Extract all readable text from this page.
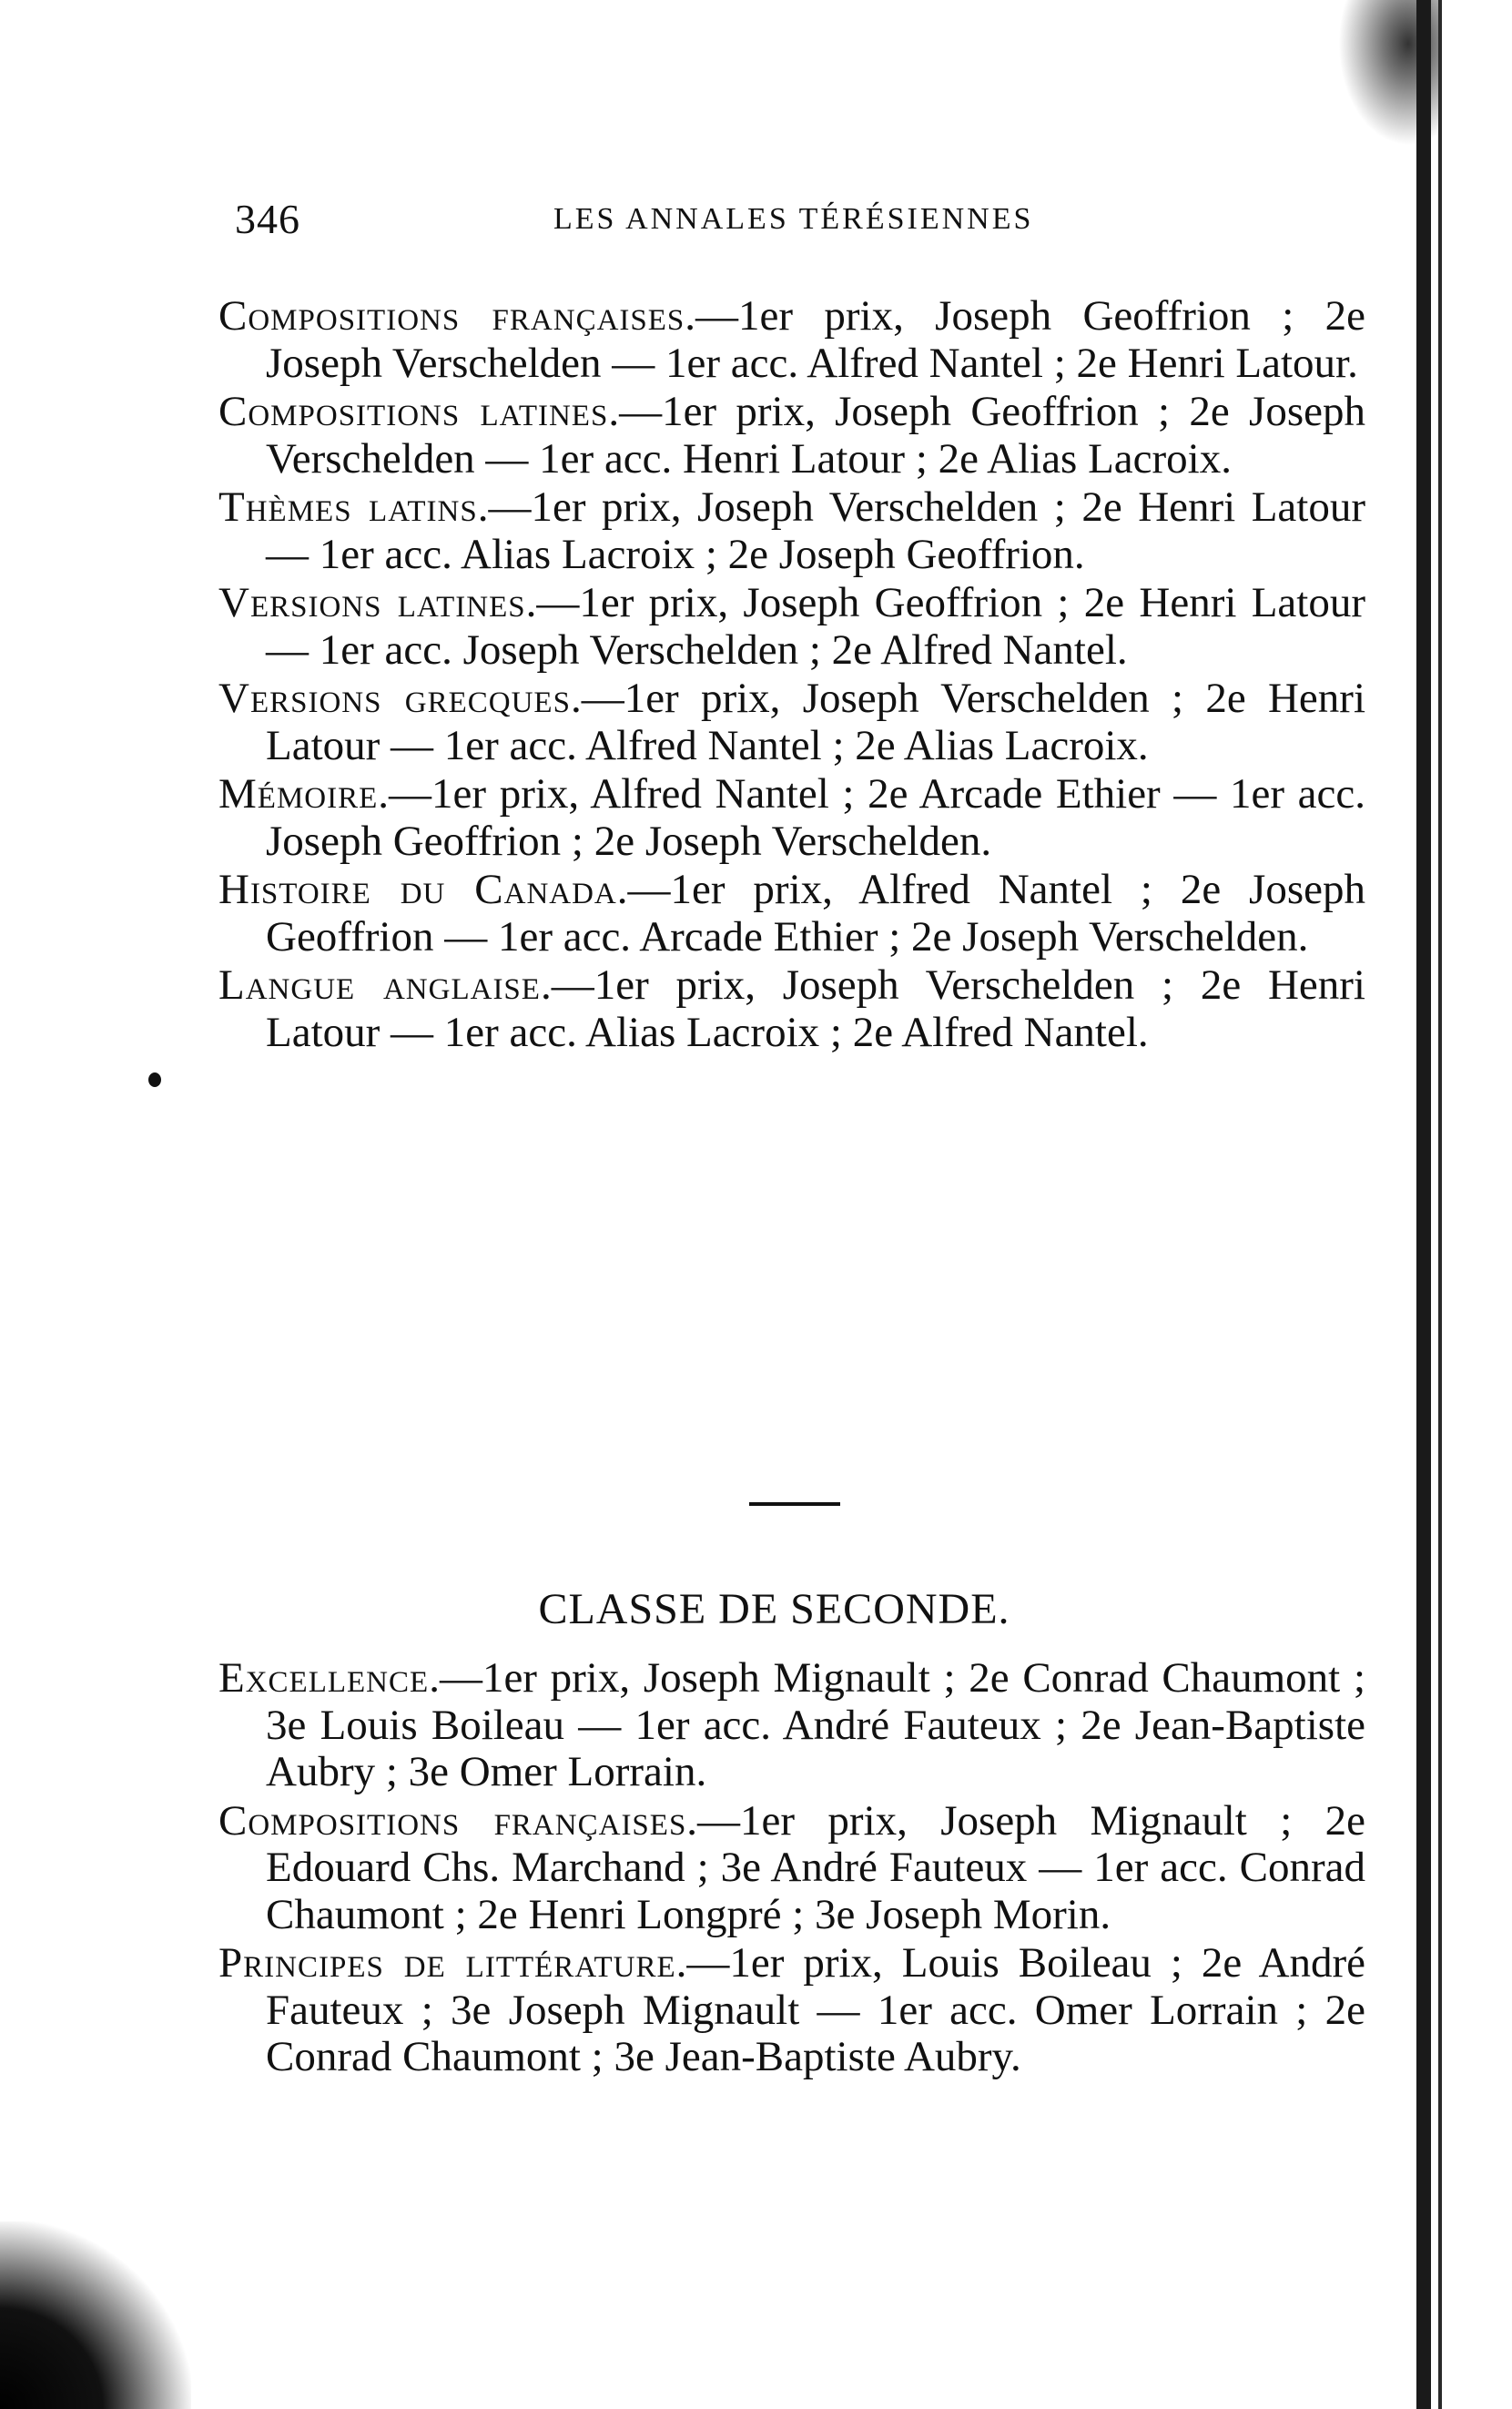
346	LES ANNALES TÉRÉSIENNES

Compositions françaises.—1er prix, Joseph Geoffrion ; 2e Joseph Verschelden — 1er acc. Alfred Nantel ; 2e Henri Latour.

Compositions latines.—1er prix, Joseph Geoffrion ; 2e Joseph Verschelden — 1er acc. Henri Latour ; 2e Alias Lacroix.

Thèmes latins.—1er prix, Joseph Verschelden ; 2e Henri Latour — 1er acc. Alias Lacroix ; 2e Joseph Geoffrion.

Versions latines.—1er prix, Joseph Geoffrion ; 2e Henri Latour — 1er acc. Joseph Verschelden ; 2e Alfred Nantel.

Versions grecques.—1er prix, Joseph Verschelden ; 2e Henri Latour — 1er acc. Alfred Nantel ; 2e Alias Lacroix.

Mémoire.—1er prix, Alfred Nantel ; 2e Arcade Ethier — 1er acc. Joseph Geoffrion ; 2e Joseph Verschelden.

Histoire du Canada.—1er prix, Alfred Nantel ; 2e Joseph Geoffrion — 1er acc. Arcade Ethier ; 2e Joseph Verschelden.

Langue anglaise.—1er prix, Joseph Verschelden ; 2e Henri Latour — 1er acc. Alias Lacroix ; 2e Alfred Nantel.

CLASSE DE SECONDE.

Excellence.—1er prix, Joseph Mignault ; 2e Conrad Chaumont ; 3e Louis Boileau — 1er acc. André Fauteux ; 2e Jean-Baptiste Aubry ; 3e Omer Lorrain.

Compositions françaises.—1er prix, Joseph Mignault ; 2e Edouard Chs. Marchand ; 3e André Fauteux — 1er acc. Conrad Chaumont ; 2e Henri Longpré ; 3e Joseph Morin.

Principes de littérature.—1er prix, Louis Boileau ; 2e André Fauteux ; 3e Joseph Mignault — 1er acc. Omer Lorrain ; 2e Conrad Chaumont ; 3e Jean-Baptiste Aubry.
